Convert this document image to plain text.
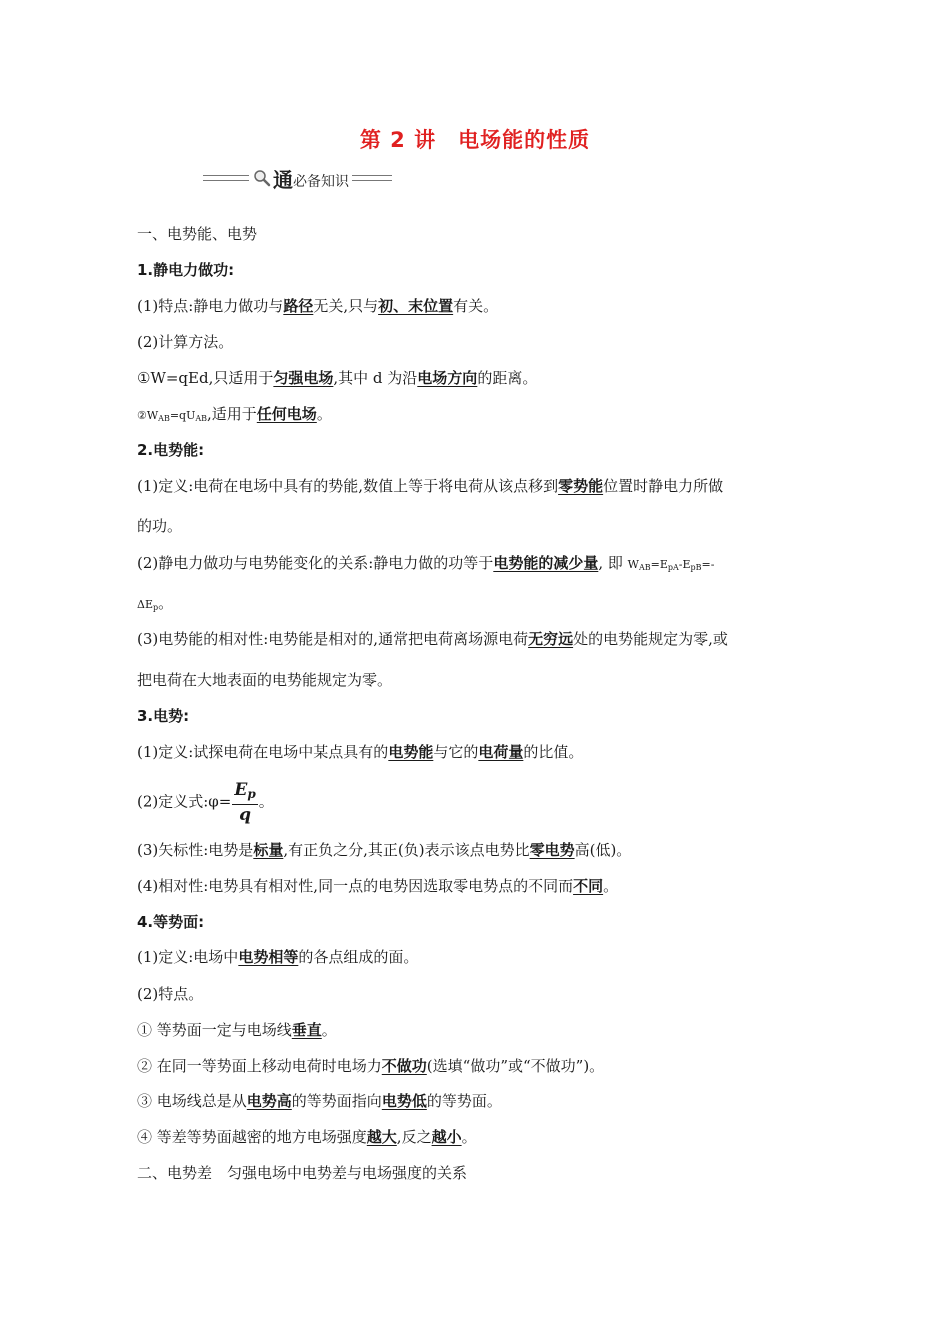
第 2 讲 电场能的性质
通 必备知识
一、电势能、电势
1.静电力做功:
(1)特点:静电力做功与路径无关,只与初、末位置有关。
(2)计算方法。
①W=qEd,只适用于匀强电场,其中 d 为沿电场方向的距离。
$②W_{AB}=qU_{AB}$,适用于任何电场。
2.电势能:
(1)定义:电荷在电场中具有的势能,数值上等于将电荷从该点移到零势能位置时静电力所做
的功。
(2)静电力做功与电势能变化的关系:静电力做的功等于电势能的减少量, 即 $W_{AB}=E_{pA}-E_{pB}=-$
$\Delta E_p$。
(3)电势能的相对性:电势能是相对的,通常把电荷离场源电荷无穷远处的电势能规定为零,或
把电荷在大地表面的电势能规定为零。
3.电势:
(1)定义:试探电荷在电场中某点具有的电势能与它的电荷量的比值。
(2)定义式:φ= $\frac{Ep}{q}$ 。
(3)矢标性:电势是标量,有正负之分,其正(负)表示该点电势比零电势高(低)。
(4)相对性:电势具有相对性,同一点的电势因选取零电势点的不同而不同。
4.等势面:
(1)定义:电场中电势相等的各点组成的面。
(2)特点。
① 等势面一定与电场线垂直。
② 在同一等势面上移动电荷时电场力不做功(选填“做功”或“不做功”)。
③ 电场线总是从电势高的等势面指向电势低的等势面。
④ 等差等势面越密的地方电场强度越大,反之越小。
二、电势差　匀强电场中电势差与电场强度的关系
